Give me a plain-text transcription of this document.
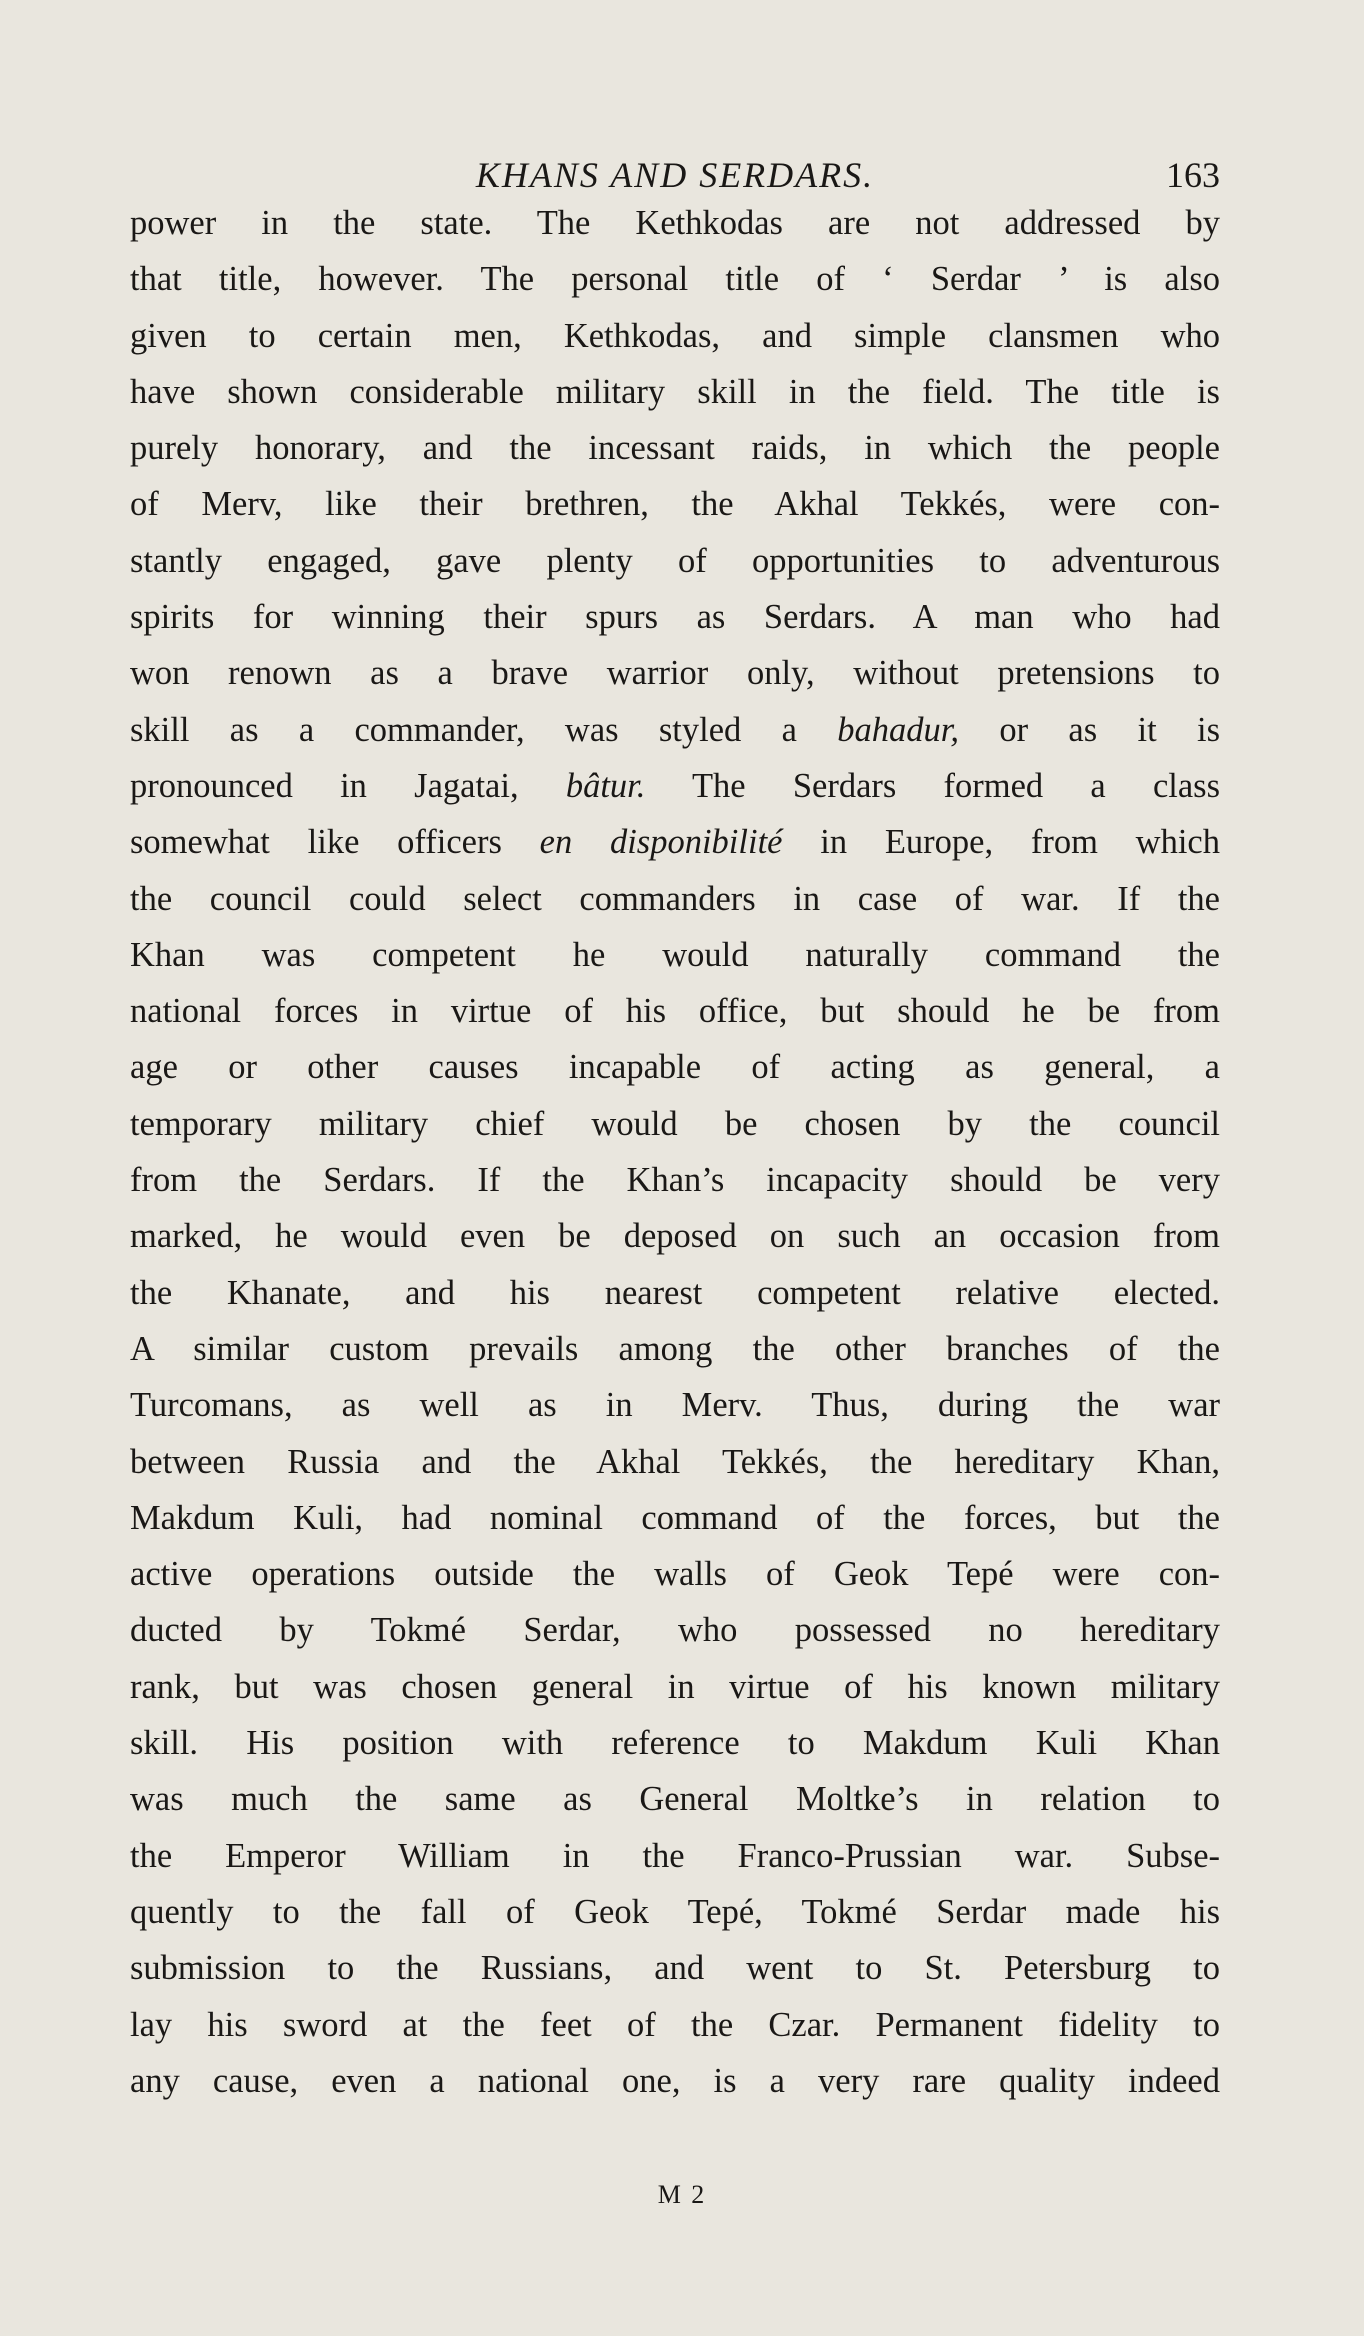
KHANS AND SERDARS.	163
power in the state. The Kethkodas are not addressed by
that title, however. The personal title of ‘ Serdar ’ is also
given to certain men, Kethkodas, and simple clansmen who
have shown considerable military skill in the field. The title is
purely honorary, and the incessant raids, in which the people
of Merv, like their brethren, the Akhal Tekkés, were con-
stantly engaged, gave plenty of opportunities to adventurous
spirits for winning their spurs as Serdars. A man who had
won renown as a brave warrior only, without pretensions to
skill as a commander, was styled a bahadur, or as it is
pronounced in Jagatai, bâtur. The Serdars formed a class
somewhat like officers en disponibilité in Europe, from which
the council could select commanders in case of war. If the
Khan was competent he would naturally command the
national forces in virtue of his office, but should he be from
age or other causes incapable of acting as general, a
temporary military chief would be chosen by the council
from the Serdars. If the Khan’s incapacity should be very
marked, he would even be deposed on such an occasion from
the Khanate, and his nearest competent relative elected.
A similar custom prevails among the other branches of the
Turcomans, as well as in Merv. Thus, during the war
between Russia and the Akhal Tekkés, the hereditary Khan,
Makdum Kuli, had nominal command of the forces, but the
active operations outside the walls of Geok Tepé were con-
ducted by Tokmé Serdar, who possessed no hereditary
rank, but was chosen general in virtue of his known military
skill. His position with reference to Makdum Kuli Khan
was much the same as General Moltke’s in relation to
the Emperor William in the Franco-Prussian war. Subse-
quently to the fall of Geok Tepé, Tokmé Serdar made his
submission to the Russians, and went to St. Petersburg to
lay his sword at the feet of the Czar. Permanent fidelity to
any cause, even a national one, is a very rare quality indeed
M 2
